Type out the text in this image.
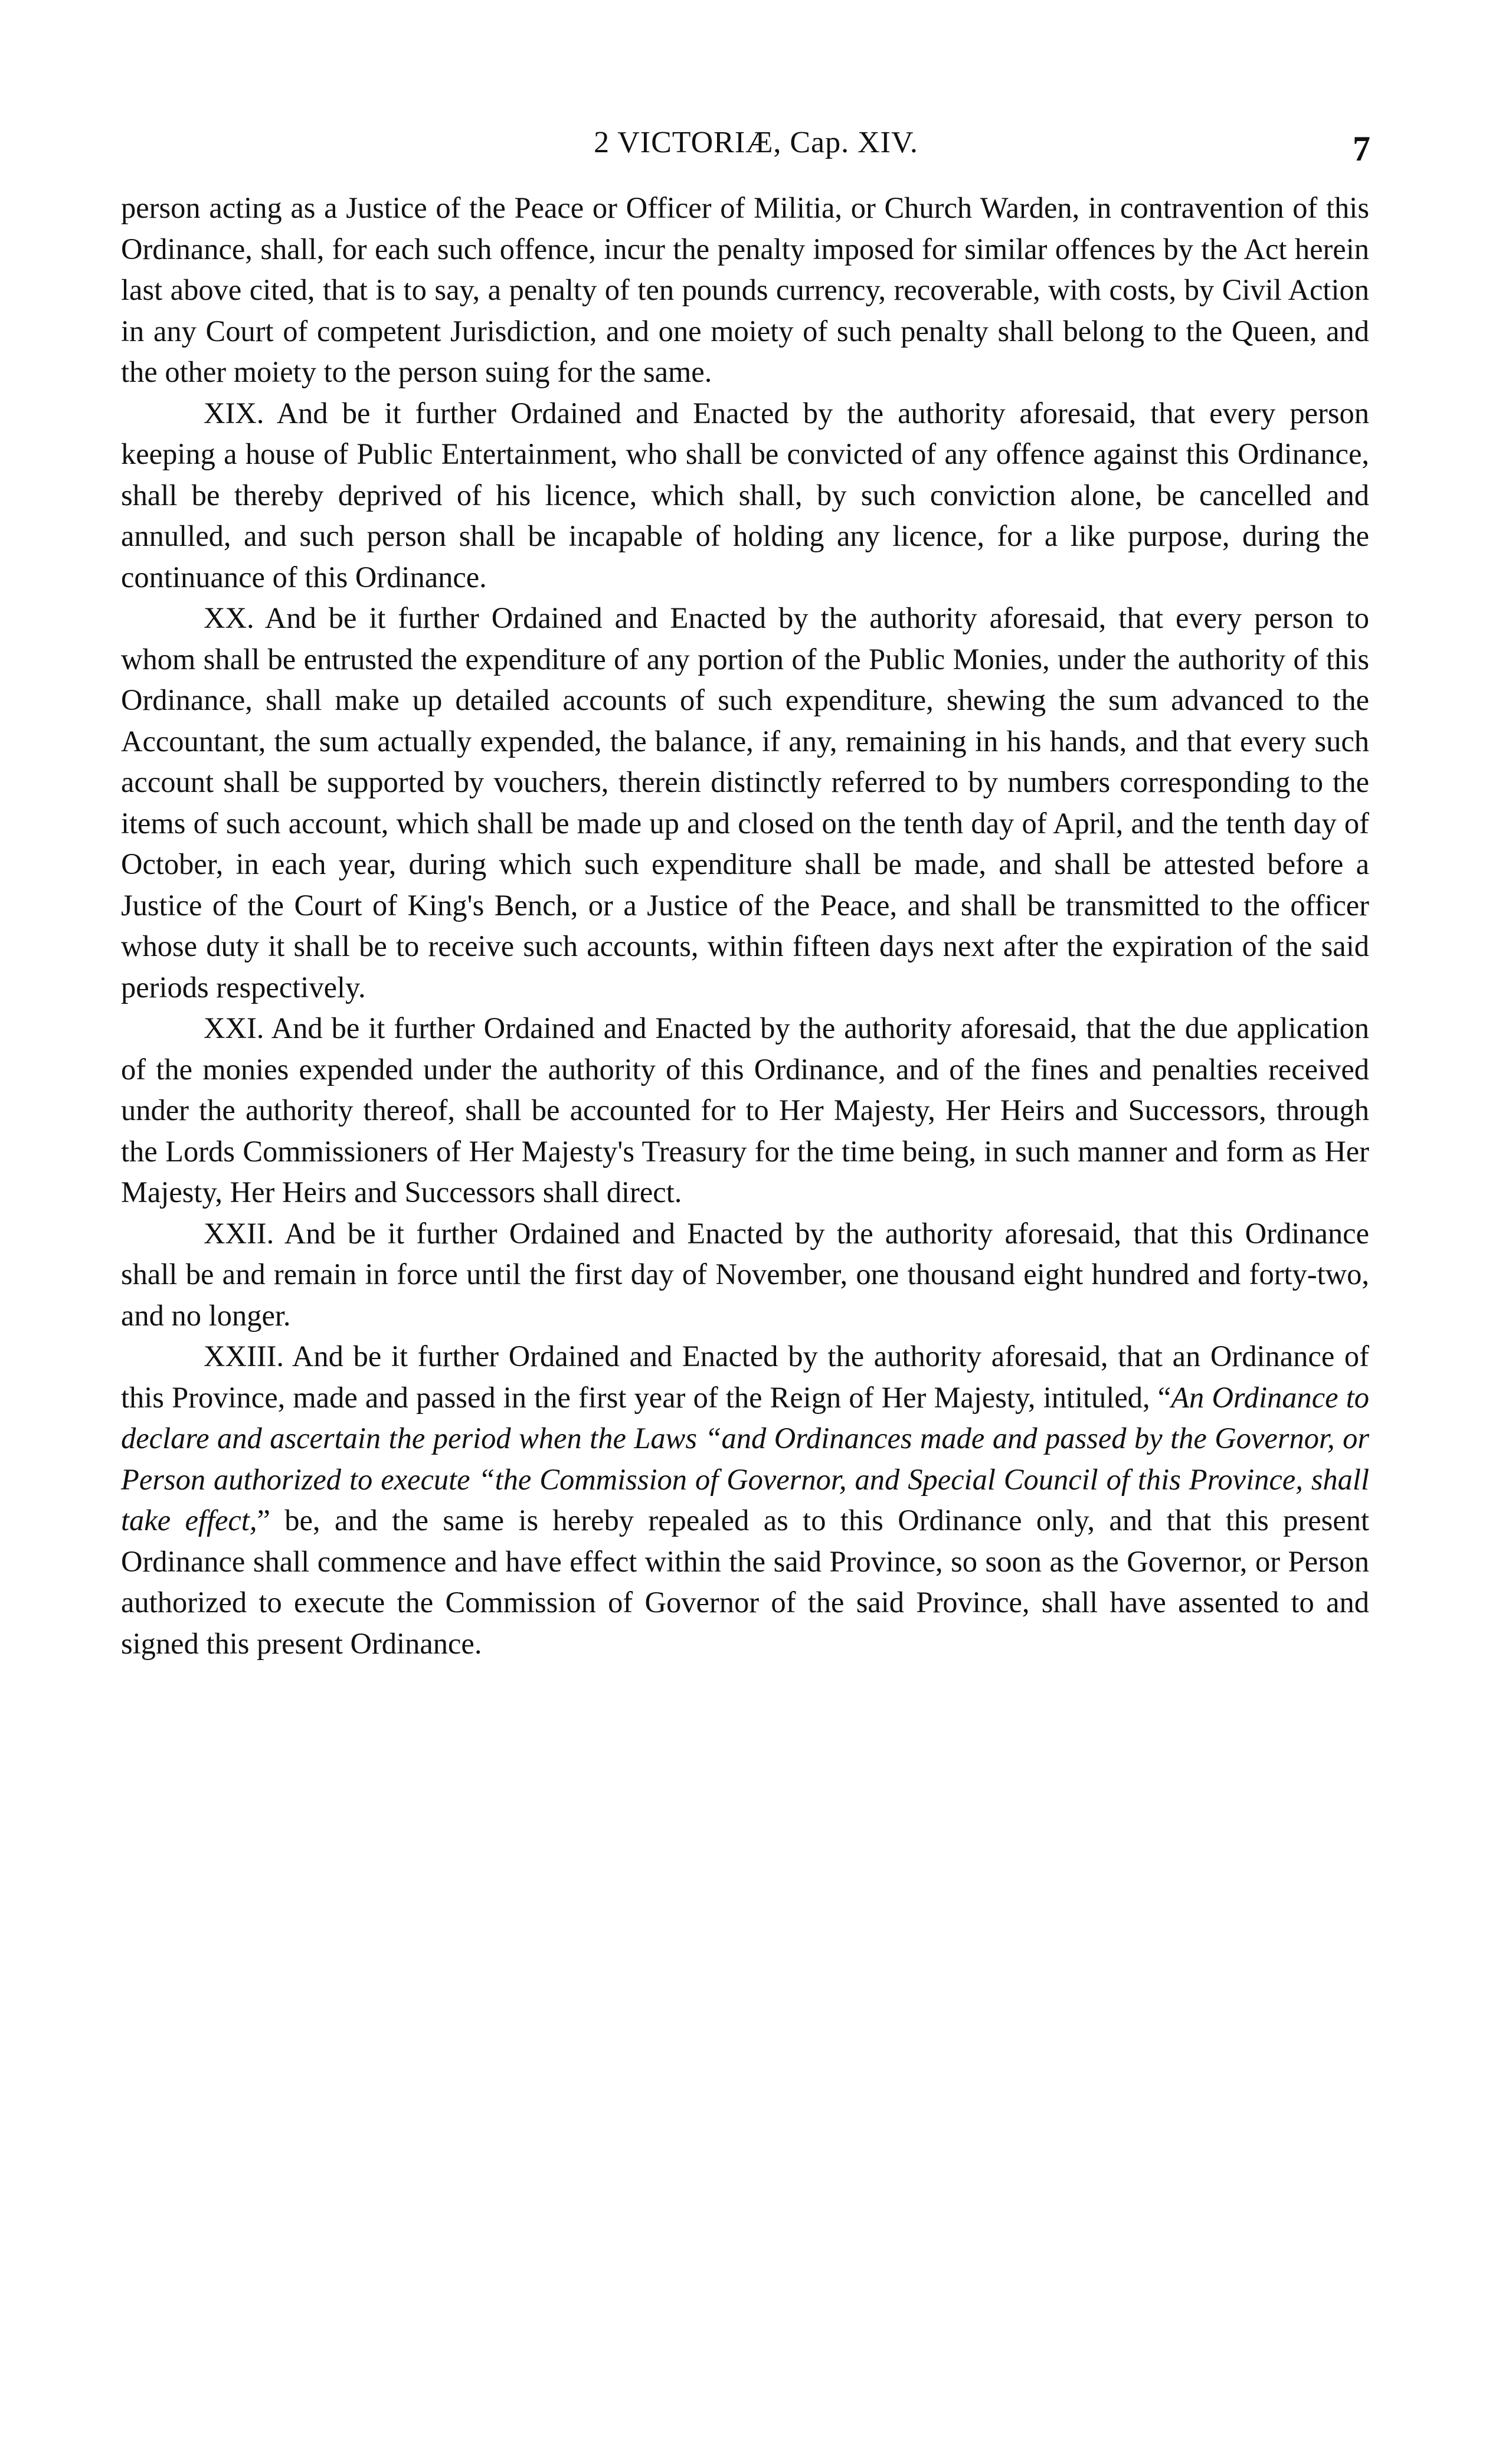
2 VICTORIÆ, Cap. XIV.	7

person acting as a Justice of the Peace or Officer of Militia, or Church Warden, in contravention of this Ordinance, shall, for each such offence, incur the penalty imposed for similar offences by the Act herein last above cited, that is to say, a penalty of ten pounds currency, recoverable, with costs, by Civil Action in any Court of competent Jurisdiction, and one moiety of such penalty shall belong to the Queen, and the other moiety to the person suing for the same.

XIX. And be it further Ordained and Enacted by the authority aforesaid, that every person keeping a house of Public Entertainment, who shall be convicted of any offence against this Ordinance, shall be thereby deprived of his licence, which shall, by such conviction alone, be cancelled and annulled, and such person shall be incapable of holding any licence, for a like purpose, during the continuance of this Ordinance.

XX. And be it further Ordained and Enacted by the authority aforesaid, that every person to whom shall be entrusted the expenditure of any portion of the Public Monies, under the authority of this Ordinance, shall make up detailed accounts of such expenditure, shewing the sum advanced to the Accountant, the sum actually expended, the balance, if any, remaining in his hands, and that every such account shall be supported by vouchers, therein distinctly referred to by numbers corresponding to the items of such account, which shall be made up and closed on the tenth day of April, and the tenth day of October, in each year, during which such expenditure shall be made, and shall be attested before a Justice of the Court of King's Bench, or a Justice of the Peace, and shall be transmitted to the officer whose duty it shall be to receive such accounts, within fifteen days next after the expiration of the said periods respectively.

XXI. And be it further Ordained and Enacted by the authority aforesaid, that the due application of the monies expended under the authority of this Ordinance, and of the fines and penalties received under the authority thereof, shall be accounted for to Her Majesty, Her Heirs and Successors, through the Lords Commissioners of Her Majesty's Treasury for the time being, in such manner and form as Her Majesty, Her Heirs and Successors shall direct.

XXII. And be it further Ordained and Enacted by the authority aforesaid, that this Ordinance shall be and remain in force until the first day of November, one thousand eight hundred and forty-two, and no longer.

XXIII. And be it further Ordained and Enacted by the authority aforesaid, that an Ordinance of this Province, made and passed in the first year of the Reign of Her Majesty, intituled, “An Ordinance to declare and ascertain the period when the Laws “and Ordinances made and passed by the Governor, or Person authorized to execute “the Commission of Governor, and Special Council of this Province, shall take effect,” be, and the same is hereby repealed as to this Ordinance only, and that this present Ordinance shall commence and have effect within the said Province, so soon as the Governor, or Person authorized to execute the Commission of Governor of the said Province, shall have assented to and signed this present Ordinance.
